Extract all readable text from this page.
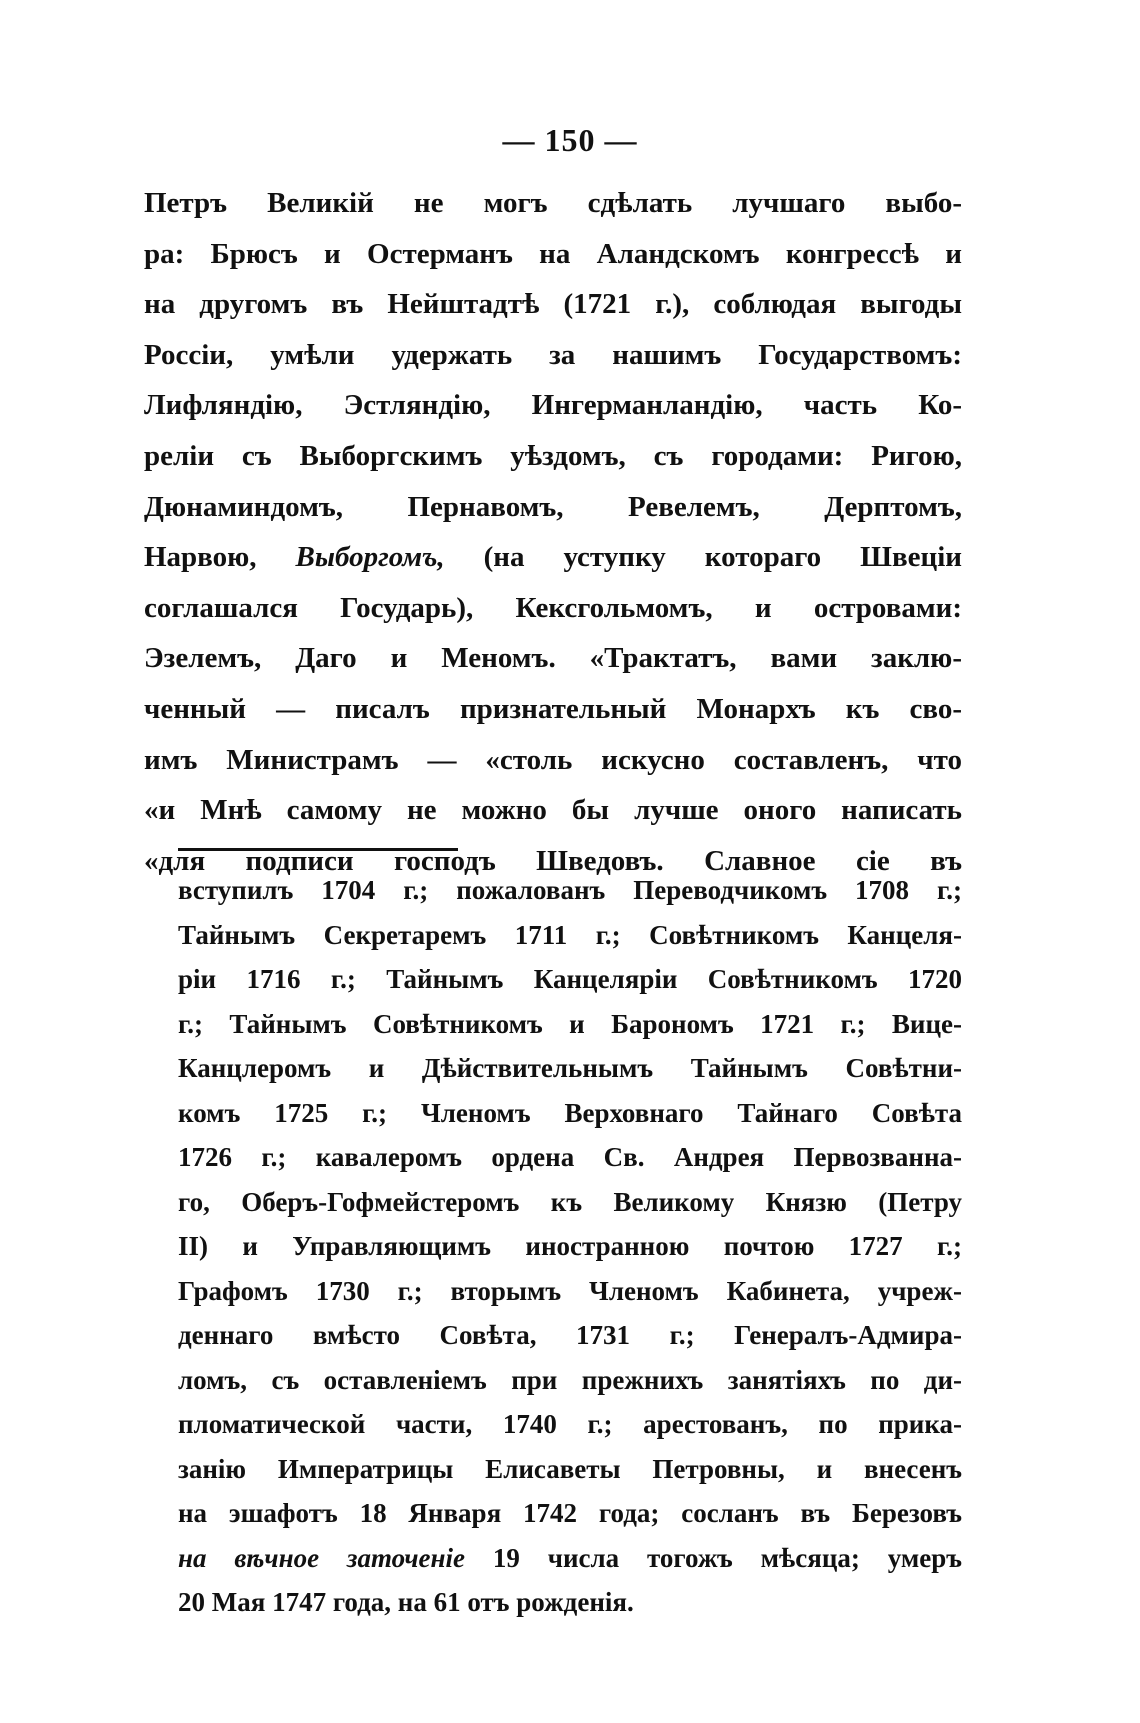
— 150 —
Петръ Великій не могъ сдѣлать лучшаго выбо-
ра: Брюсъ и Остерманъ на Аландскомъ конгрессѣ и
на другомъ въ Нейштадтѣ (1721 г.), соблюдая выгоды
Россіи, умѣли удержать за нашимъ Государствомъ:
Лифляндію, Эстляндію, Ингерманландію, часть Ко-
реліи съ Выборгскимъ уѣздомъ, съ городами: Ригою,
Дюнаминдомъ, Пернавомъ, Ревелемъ, Дерптомъ,
Нарвою, Выборгомъ, (на уступку котораго Швеціи
соглашался Государь), Кексгольмомъ, и островами:
Эзелемъ, Даго и Меномъ. «Трактатъ, вами заклю-
ченный — писалъ признательный Монархъ къ сво-
имъ Министрамъ — «столь искусно составленъ, что
«и Мнѣ самому не можно бы лучше оного написать
«для подписи господъ Шведовъ. Славное сіе въ
вступилъ 1704 г.; пожалованъ Переводчикомъ 1708 г.;
Тайнымъ Секретаремъ 1711 г.; Совѣтникомъ Канцеля-
ріи 1716 г.; Тайнымъ Канцеляріи Совѣтникомъ 1720
г.; Тайнымъ Совѣтникомъ и Барономъ 1721 г.; Вице-
Канцлеромъ и Дѣйствительнымъ Тайнымъ Совѣтни-
комъ 1725 г.; Членомъ Верховнаго Тайнаго Совѣта
1726 г.; кавалеромъ ордена Св. Андрея Первозванна-
го, Оберъ-Гофмейстеромъ къ Великому Князю (Петру
II) и Управляющимъ иностранною почтою 1727 г.;
Графомъ 1730 г.; вторымъ Членомъ Кабинета, учреж-
деннаго вмѣсто Совѣта, 1731 г.; Генералъ-Адмира-
ломъ, съ оставленіемъ при прежнихъ занятіяхъ по ди-
пломатической части, 1740 г.; арестованъ, по прика-
занію Императрицы Елисаветы Петровны, и внесенъ
на эшафотъ 18 Января 1742 года; сосланъ въ Березовъ
на вѣчное заточеніе 19 числа тогожъ мѣсяца; умеръ
20 Мая 1747 года, на 61 отъ рожденія.
